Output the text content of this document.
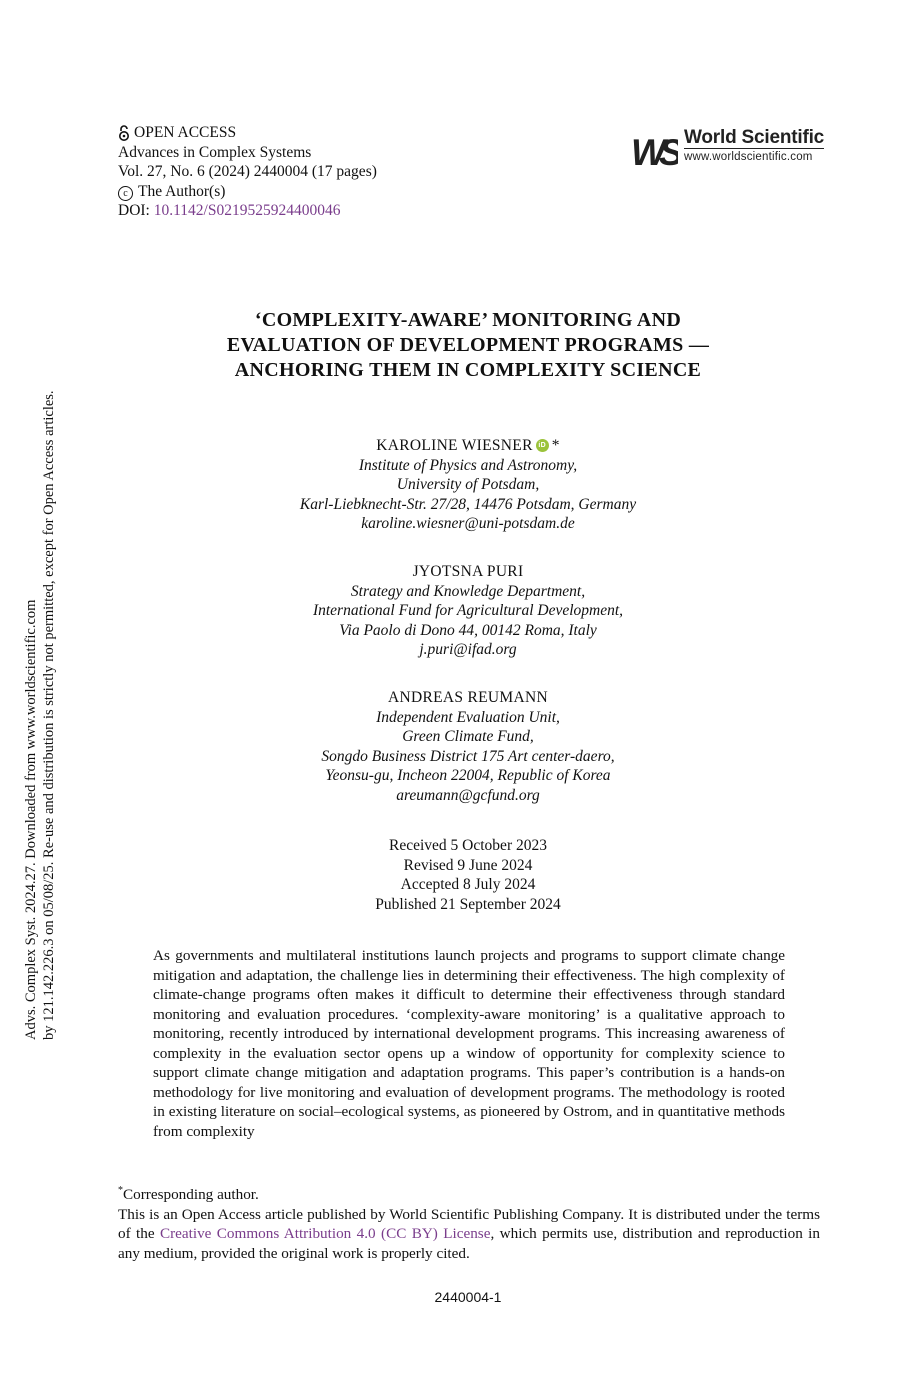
Advs. Complex Syst. 2024.27. Downloaded from www.worldscientific.com by 121.142.226.3 on 05/08/25. Re-use and distribution is strictly not permitted, except for Open Access articles.
OPEN ACCESS
Advances in Complex Systems
Vol. 27, No. 6 (2024) 2440004 (17 pages)
c The Author(s)
DOI: 10.1142/S0219525924400046
WS World Scientific
www.worldscientific.com
‘COMPLEXITY-AWARE’ MONITORING AND
EVALUATION OF DEVELOPMENT PROGRAMS —
ANCHORING THEM IN COMPLEXITY SCIENCE
KAROLINE WIESNER iD *
Institute of Physics and Astronomy,
University of Potsdam,
Karl-Liebknecht-Str. 27/28, 14476 Potsdam, Germany
karoline.wiesner@uni-potsdam.de
JYOTSNA PURI
Strategy and Knowledge Department,
International Fund for Agricultural Development,
Via Paolo di Dono 44, 00142 Roma, Italy
j.puri@ifad.org
ANDREAS REUMANN
Independent Evaluation Unit,
Green Climate Fund,
Songdo Business District 175 Art center-daero,
Yeonsu-gu, Incheon 22004, Republic of Korea
areumann@gcfund.org
Received 5 October 2023
Revised 9 June 2024
Accepted 8 July 2024
Published 21 September 2024
As governments and multilateral institutions launch projects and programs to support climate change mitigation and adaptation, the challenge lies in determining their effectiveness. The high complexity of climate-change programs often makes it difficult to determine their effectiveness through standard monitoring and evaluation procedures. ‘complexity-aware monitoring’ is a qualitative approach to monitoring, recently introduced by international development programs. This increasing awareness of complexity in the evaluation sector opens up a window of opportunity for complexity science to support climate change mitigation and adaptation programs. This paper’s contribution is a hands-on methodology for live monitoring and evaluation of development programs. The methodology is rooted in existing literature on social–ecological systems, as pioneered by Ostrom, and in quantitative methods from complexity
*Corresponding author.
This is an Open Access article published by World Scientific Publishing Company. It is distributed under the terms of the Creative Commons Attribution 4.0 (CC BY) License, which permits use, distribution and reproduction in any medium, provided the original work is properly cited.
2440004-1
